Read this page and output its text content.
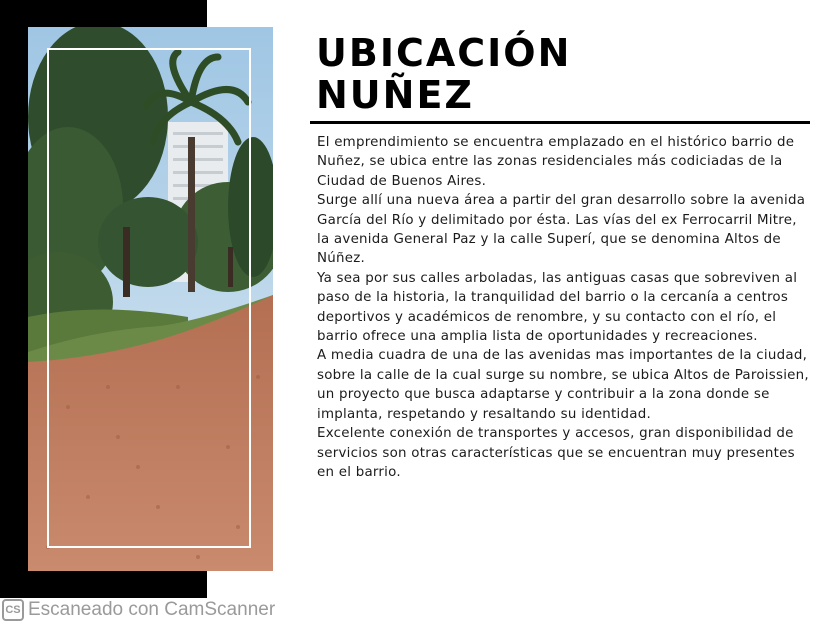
UBICACIÓN
NUÑEZ

El emprendimiento se encuentra emplazado en el histórico barrio de Nuñez, se ubica entre las zonas residenciales más codiciadas de la Ciudad de Buenos Aires.

Surge allí una nueva área a partir del gran desarrollo sobre la avenida García del Río y delimitado por ésta. Las vías del ex Ferrocarril Mitre, la avenida General Paz y la calle Superí, que se denomina Altos de Núñez.

Ya sea por sus calles arboladas, las antiguas casas que sobreviven al paso de la historia, la tranquilidad del barrio o la cercanía a centros deportivos y académicos de renombre, y su contacto con el río, el barrio ofrece una amplia lista de oportunidades y recreaciones.

A media cuadra de una de las avenidas mas importantes de la ciudad, sobre la calle de la cual surge su nombre, se ubica Altos de Paroissien, un proyecto que busca adaptarse y contribuir a la zona donde se implanta, respetando y resaltando su identidad.

Excelente conexión de transportes y accesos, gran disponibilidad de servicios son otras características que se encuentran muy presentes en el barrio.

CS Escaneado con CamScanner
